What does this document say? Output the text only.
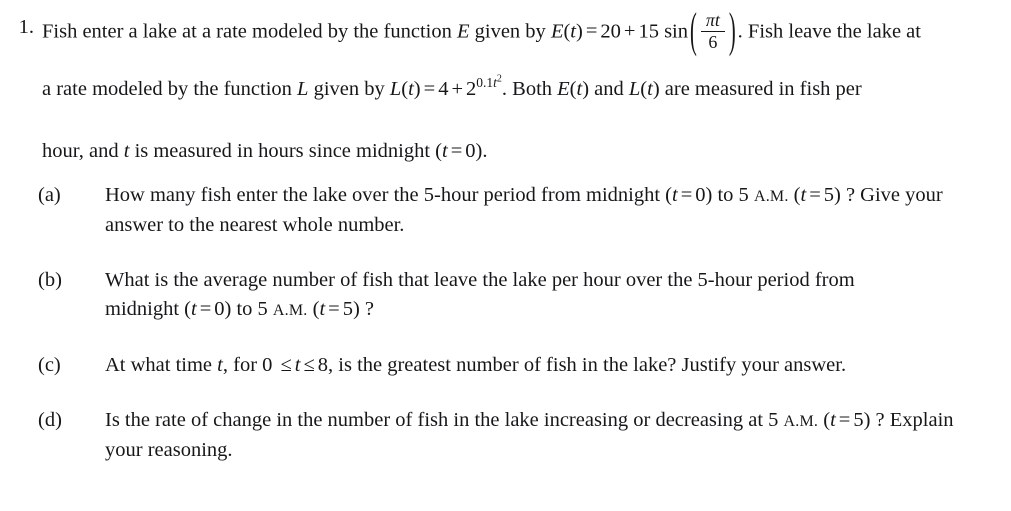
1. Fish enter a lake at a rate modeled by the function E given by E(t) = 20 + 15 sin ( $\frac{\pi t}{6}$ ) . Fish leave the lake at
a rate modeled by the function L given by $L(t) = 4 + 2^{0.1t^2}$. Both E(t) and L(t) are measured in fish per
hour, and t is measured in hours since midnight (t = 0).
(a)	How many fish enter the lake over the 5-hour period from midnight (t = 0) to 5 A.M. (t = 5) ? Give your
answer to the nearest whole number.
(b)	What is the average number of fish that leave the lake per hour over the 5-hour period from
midnight (t = 0) to 5 A.M. (t = 5) ?
(c)	At what time t, for 0 ≤ t ≤ 8, is the greatest number of fish in the lake? Justify your answer.
(d)	Is the rate of change in the number of fish in the lake increasing or decreasing at 5 A.M. (t = 5) ? Explain
your reasoning.
